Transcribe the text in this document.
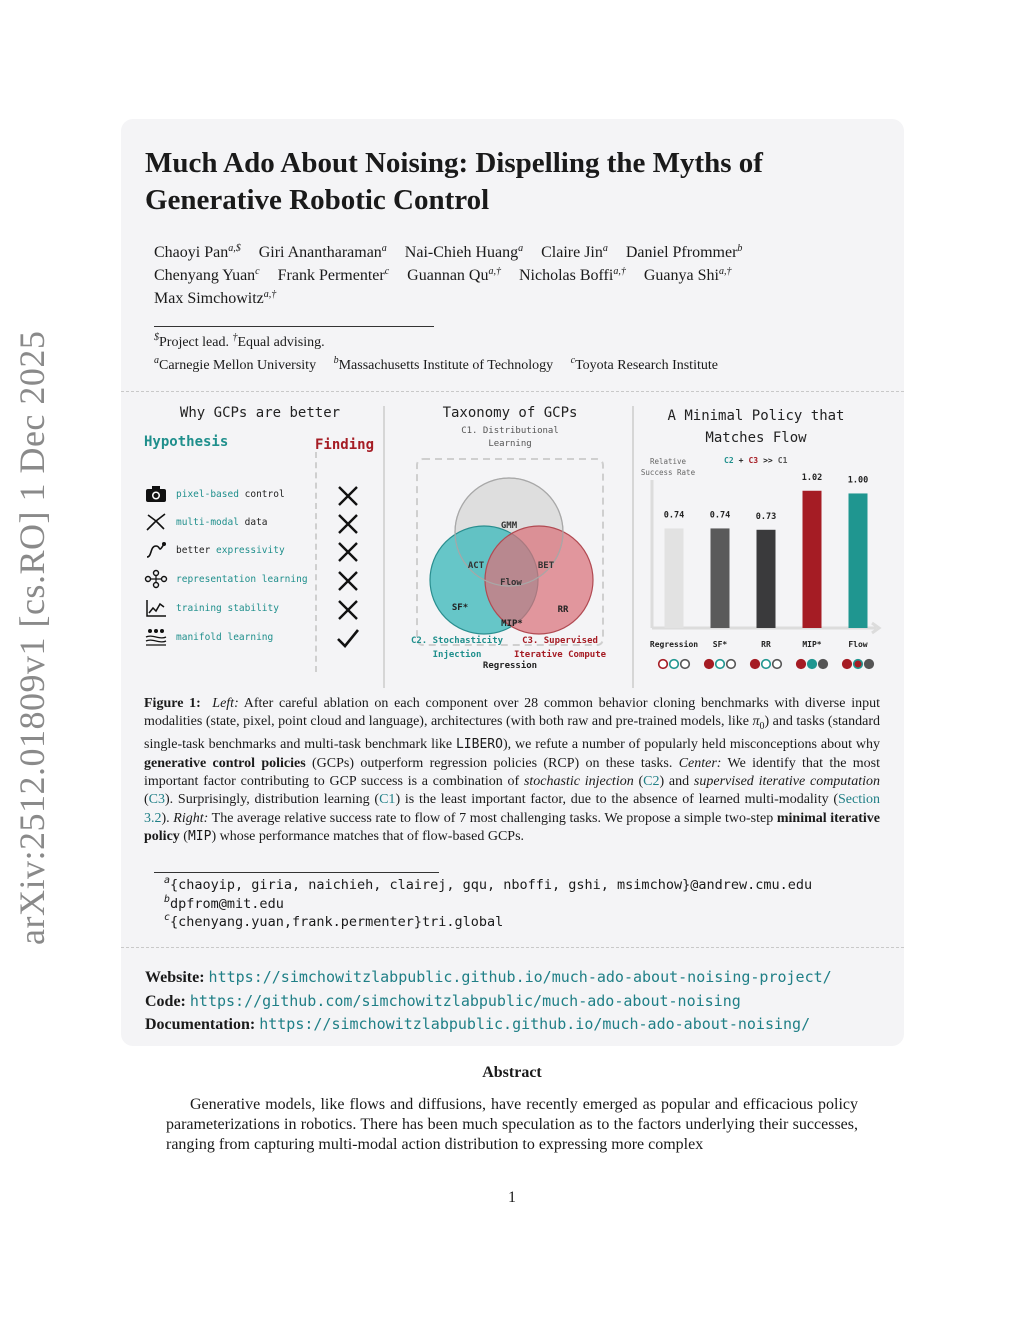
arXiv:2512.01809v1 [cs.RO] 1 Dec 2025
Much Ado About Noising: Dispelling the Myths of Generative Robotic Control
Chaoyi Pan$^{a,\$}$ Giri Anantharaman$^a$ Nai-Chieh Huang$^a$ Claire Jin$^a$ Daniel Pfrommer$^b$
Chenyang Yuan$^c$ Frank Permenter$^c$ Guannan $Qu^{a,\dagger}$ Nicholas Boffi$^{a,\dagger}$ Guanya Shi$^{a,\dagger}$
Max Simchowitz$^{a,\dagger}$
$Project lead. †Equal advising.
$^a$Carnegie Mellon University $^b$Massachusetts Institute of Technology $^c$Toyota Research Institute
Why GCPs are better
Hypothesis	Finding
pixel-based control
multi-modal data
better expressivity
representation learning
training stability
manifold learning
Taxonomy of GCPs
C1. Distributional
Learning
GMM
ACT	BET
Flow
SF*	RR
MIP*
Regression
C2. Stochasticity
Injection
C3. Supervised
Iterative Compute
A Minimal Policy that
Matches Flow
Relative
Success Rate
C2 + C3 >> C1
0.74
Regression
0.74
SF*
0.73
RR
1.02
MIP*
1.00
Flow
Figure 1: Left: After careful ablation on each component over 28 common behavior cloning benchmarks with diverse input modalities (state, pixel, point cloud and language), architectures (with both raw and pre-trained models, like $\pi_0$) and tasks (standard single-task benchmarks and multi-task benchmark like LIBERO), we refute a number of popularly held misconceptions about why generative control policies (GCPs) outperform regression policies (RCP) on these tasks. Center: We identify that the most important factor contributing to GCP success is a combination of stochastic injection (C2) and supervised iterative computation (C3). Surprisingly, distribution learning (C1) is the least important factor, due to the absence of learned multi-modality (Section 3.2). Right: The average relative success rate to flow of 7 most challenging tasks. We propose a simple two-step minimal iterative policy (MIP) whose performance matches that of flow-based GCPs.
$^a${chaoyip, giria, naichieh, clairej, gqu, nboffi, gshi, msimchow}@andrew.cmu.edu
$^b$dpfrom@mit.edu
$^c${chenyang.yuan,frank.permenter}tri.global
Website: https://simchowitzlabpublic.github.io/much-ado-about-noising-project/
Code: https://github.com/simchowitzlabpublic/much-ado-about-noising
Documentation: https://simchowitzlabpublic.github.io/much-ado-about-noising/
Abstract

Generative models, like flows and diffusions, have recently emerged as popular and efficacious policy parameterizations in robotics. There has been much speculation as to the factors underlying their successes, ranging from capturing multi-modal action distribution to expressing more complex

1
